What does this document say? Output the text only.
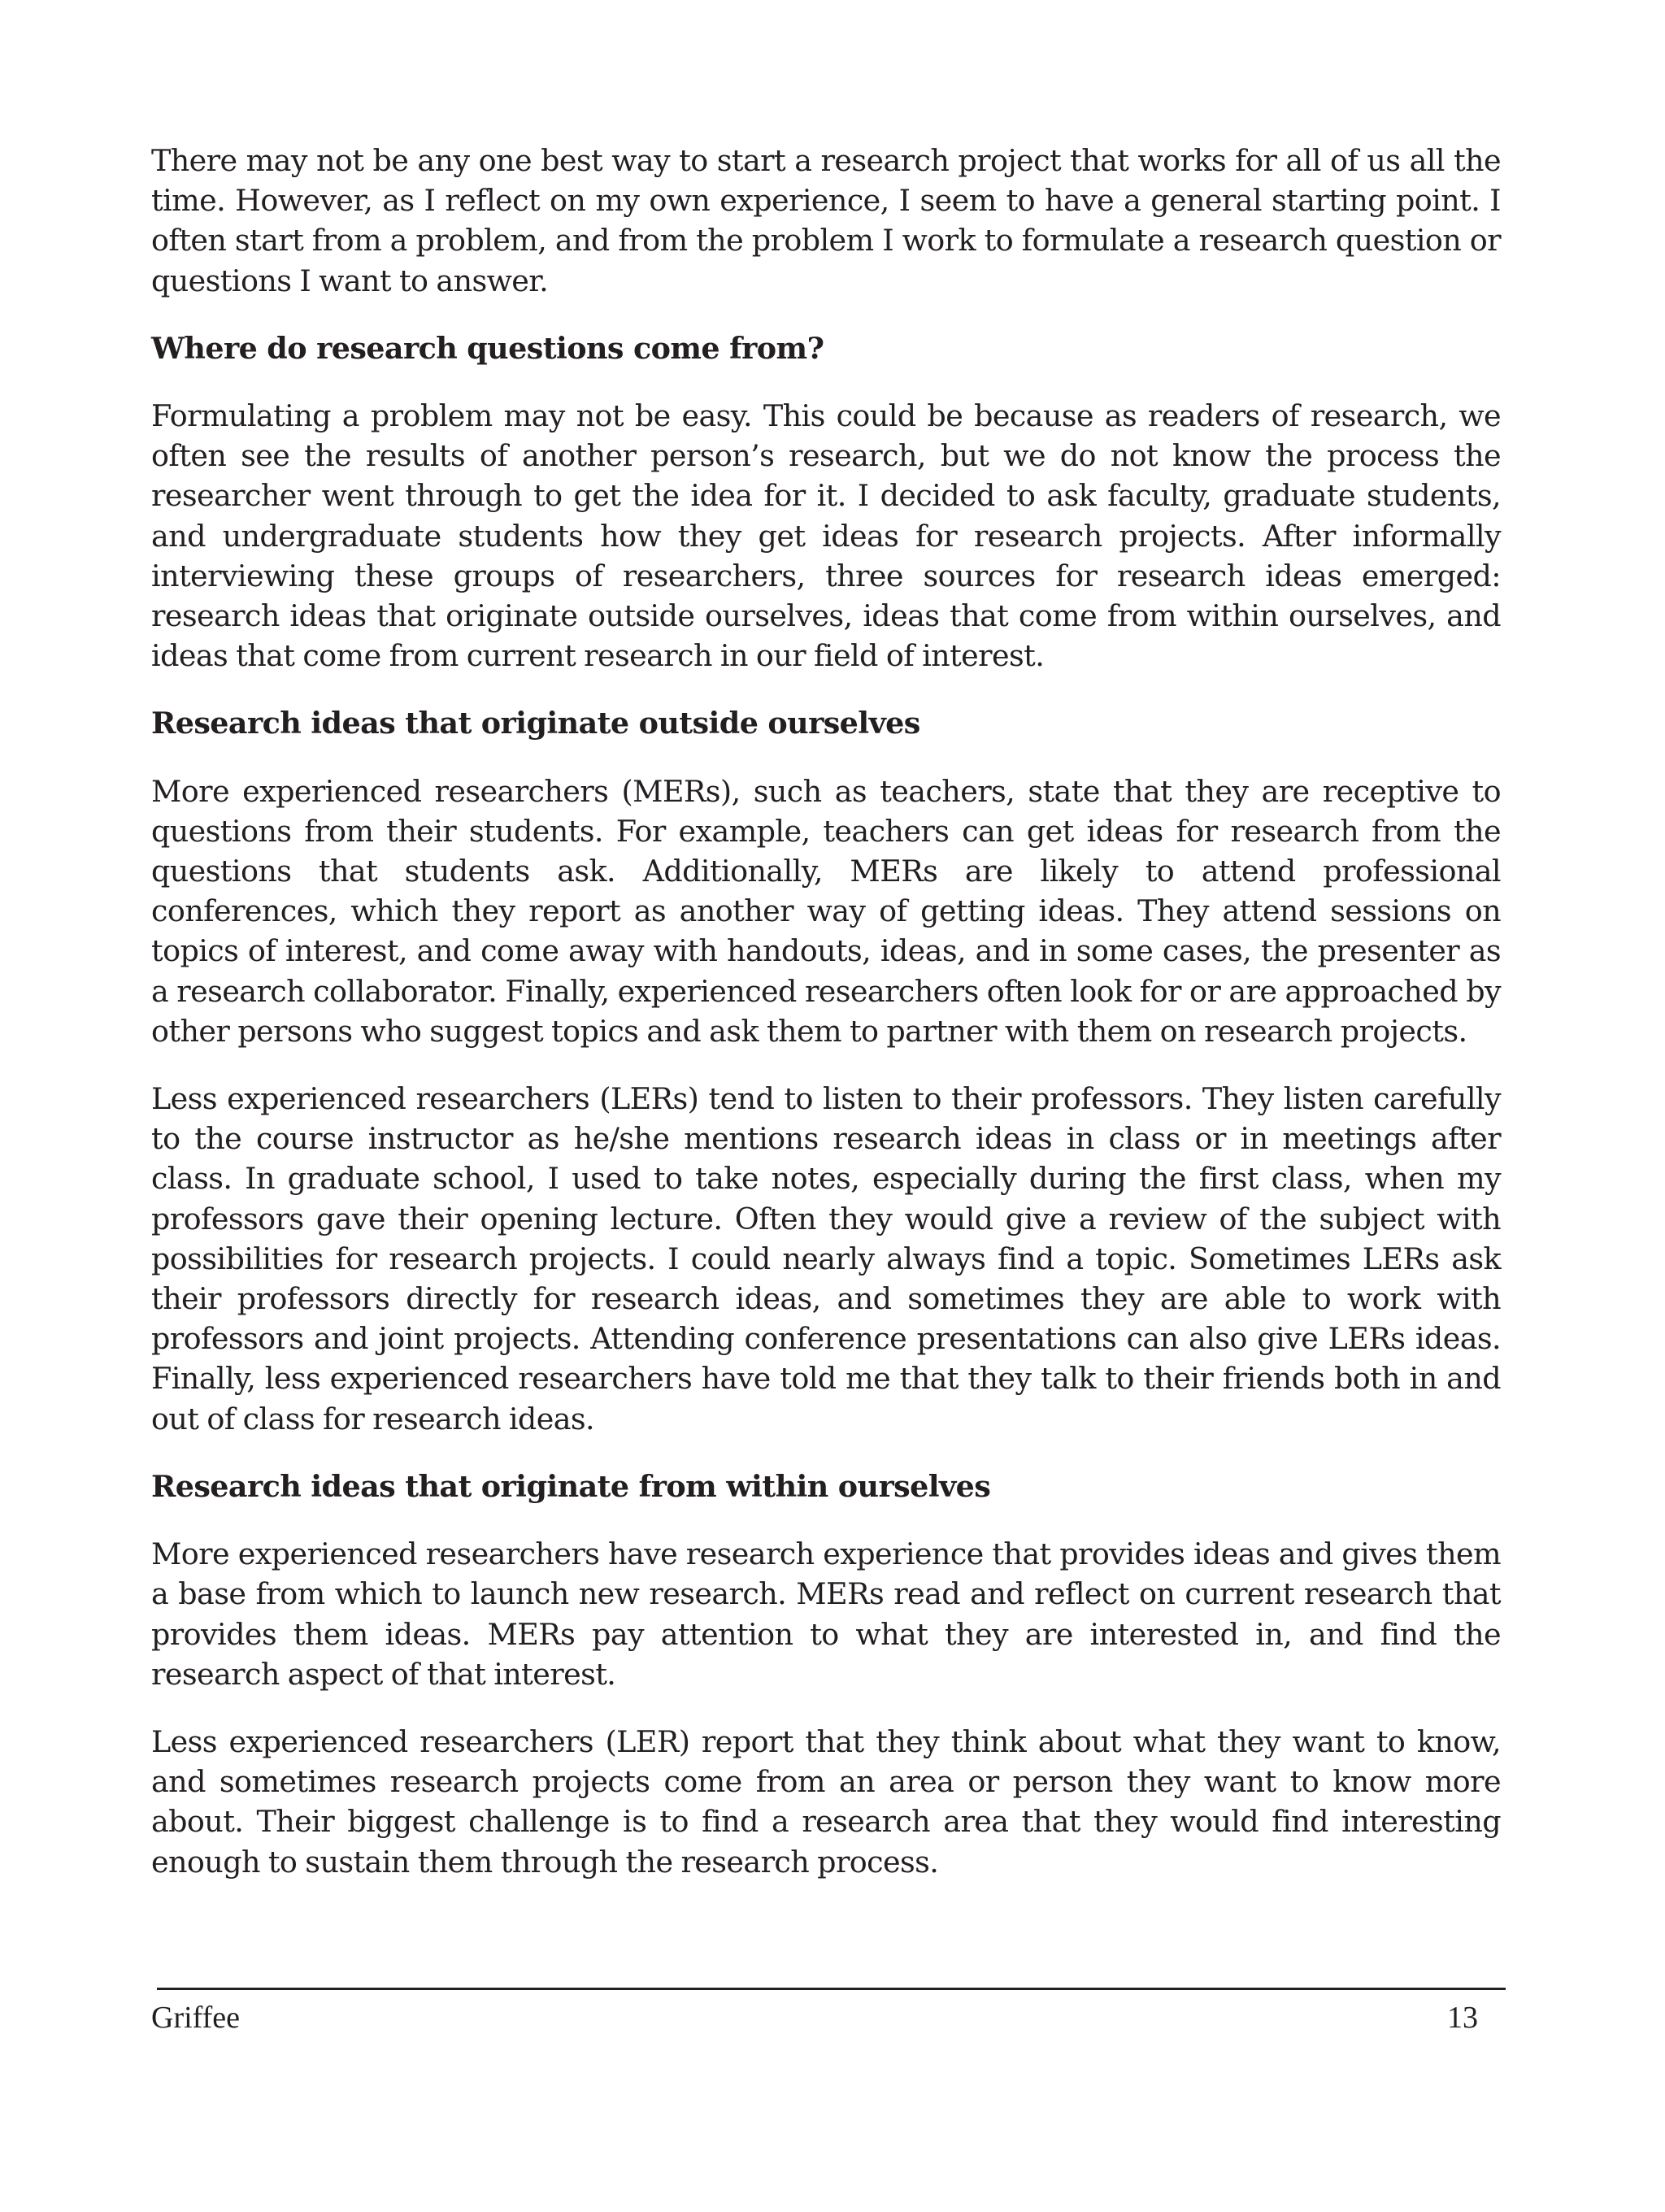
There may not be any one best way to start a research project that works for all of us all the time. However, as I reflect on my own experience, I seem to have a general starting point. I often start from a problem, and from the problem I work to formulate a research question or questions I want to answer.

Where do research questions come from?

Formulating a problem may not be easy. This could be because as readers of research, we often see the results of another person’s research, but we do not know the process the researcher went through to get the idea for it. I decided to ask faculty, graduate students, and undergraduate students how they get ideas for research projects. After informally interviewing these groups of researchers, three sources for research ideas emerged: research ideas that originate outside ourselves, ideas that come from within ourselves, and ideas that come from current research in our field of interest.

Research ideas that originate outside ourselves

More experienced researchers (MERs), such as teachers, state that they are receptive to questions from their students. For example, teachers can get ideas for research from the questions that students ask. Additionally, MERs are likely to attend professional conferences, which they report as another way of getting ideas. They attend sessions on topics of interest, and come away with handouts, ideas, and in some cases, the presenter as a research collaborator. Finally, experienced researchers often look for or are approached by other persons who suggest topics and ask them to partner with them on research projects.

Less experienced researchers (LERs) tend to listen to their professors. They listen carefully to the course instructor as he/she mentions research ideas in class or in meetings after class. In graduate school, I used to take notes, especially during the first class, when my professors gave their opening lecture. Often they would give a review of the subject with possibilities for research projects. I could nearly always find a topic. Sometimes LERs ask their professors directly for research ideas, and sometimes they are able to work with professors and joint projects. Attending conference presentations can also give LERs ideas. Finally, less experienced researchers have told me that they talk to their friends both in and out of class for research ideas.

Research ideas that originate from within ourselves

More experienced researchers have research experience that provides ideas and gives them a base from which to launch new research. MERs read and reflect on current research that provides them ideas. MERs pay attention to what they are interested in, and find the research aspect of that interest.

Less experienced researchers (LER) report that they think about what they want to know, and sometimes research projects come from an area or person they want to know more about. Their biggest challenge is to find a research area that they would find interesting enough to sustain them through the research process.

Griffee	13
